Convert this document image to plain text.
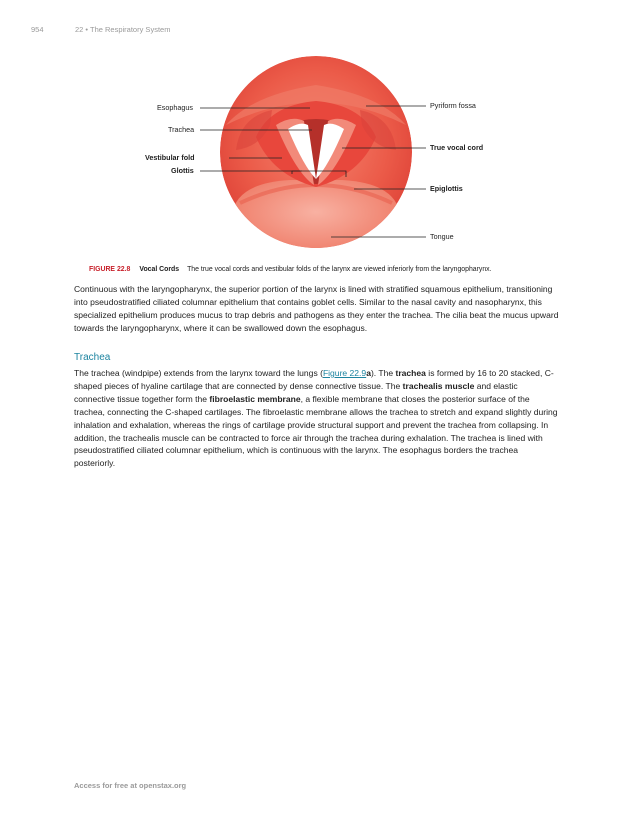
954	22 • The Respiratory System
Esophagus
Trachea
Vestibular fold
Glottis
Pyriform fossa
True vocal cord
Epiglottis
Tongue
FIGURE 22.8 Vocal Cords The true vocal cords and vestibular folds of the larynx are viewed inferiorly from the laryngopharynx.

Continuous with the laryngopharynx, the superior portion of the larynx is lined with stratified squamous epithelium, transitioning into pseudostratified ciliated columnar epithelium that contains goblet cells. Similar to the nasal cavity and nasopharynx, this specialized epithelium produces mucus to trap debris and pathogens as they enter the trachea. The cilia beat the mucus upward towards the laryngopharynx, where it can be swallowed down the esophagus.

Trachea

The trachea (windpipe) extends from the larynx toward the lungs (Figure 22.9a). The trachea is formed by 16 to 20 stacked, C-shaped pieces of hyaline cartilage that are connected by dense connective tissue. The trachealis muscle and elastic connective tissue together form the fibroelastic membrane, a flexible membrane that closes the posterior surface of the trachea, connecting the C-shaped cartilages. The fibroelastic membrane allows the trachea to stretch and expand slightly during inhalation and exhalation, whereas the rings of cartilage provide structural support and prevent the trachea from collapsing. In addition, the trachealis muscle can be contracted to force air through the trachea during exhalation. The trachea is lined with pseudostratified ciliated columnar epithelium, which is continuous with the larynx. The esophagus borders the trachea posteriorly.

Access for free at openstax.org
